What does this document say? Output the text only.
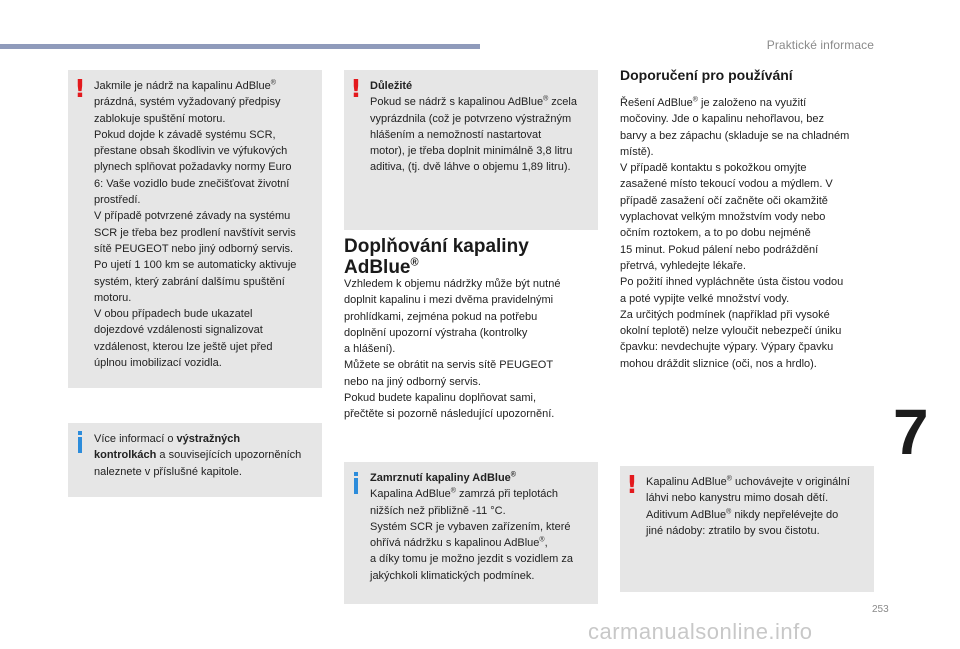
Praktické informace
! Jakmile je nádrž na kapalinu AdBlue®

prázdná, systém vyžadovaný předpisy

zablokuje spuštění motoru.

Pokud dojde k závadě systému SCR,

přestane obsah škodlivin ve výfukových

plynech splňovat požadavky normy Euro

6: Vaše vozidlo bude znečišťovat životní

prostředí.

V případě potvrzené závady na systému

SCR je třeba bez prodlení navštívit servis

sítě PEUGEOT nebo jiný odborný servis.

Po ujetí 1 100 km se automaticky aktivuje

systém, který zabrání dalšímu spuštění

motoru.

V obou případech bude ukazatel

dojezdové vzdálenosti signalizovat

vzdálenost, kterou lze ještě ujet před

úplnou imobilizací vozidla.

Více informací o výstražných

kontrolkách a souvisejících upozorněních

naleznete v příslušné kapitole.

! Důležité

Pokud se nádrž s kapalinou AdBlue® zcela

vyprázdnila (což je potvrzeno výstražným

hlášením a nemožností nastartovat

motor), je třeba doplnit minimálně 3,8 litru

aditiva, (tj. dvě láhve o objemu 1,89 litru).

Doplňování kapaliny
AdBlue®

Vzhledem k objemu nádržky může být nutné

doplnit kapalinu i mezi dvěma pravidelnými

prohlídkami, zejména pokud na potřebu

doplnění upozorní výstraha (kontrolky

a hlášení).

Můžete se obrátit na servis sítě PEUGEOT

nebo na jiný odborný servis.

Pokud budete kapalinu doplňovat sami,

přečtěte si pozorně následující upozornění.

Zamrznutí kapaliny AdBlue®

Kapalina AdBlue® zamrzá při teplotách

nižších než přibližně -11 °C.

Systém SCR je vybaven zařízením, které

ohřívá nádržku s kapalinou AdBlue®,

a díky tomu je možno jezdit s vozidlem za

jakýchkoli klimatických podmínek.

Doporučení pro používání

Řešení AdBlue® je založeno na využití

močoviny. Jde o kapalinu nehořlavou, bez

barvy a bez zápachu (skladuje se na chladném

místě).

V případě kontaktu s pokožkou omyjte

zasažené místo tekoucí vodou a mýdlem. V

případě zasažení očí začněte oči okamžitě

vyplachovat velkým množstvím vody nebo

očním roztokem, a to po dobu nejméně

15 minut. Pokud pálení nebo podráždění

přetrvá, vyhledejte lékaře.

Po požití ihned vypláchněte ústa čistou vodou

a poté vypijte velké množství vody.

Za určitých podmínek (například při vysoké

okolní teplotě) nelze vyloučit nebezpečí úniku

čpavku: nevdechujte výpary. Výpary čpavku

mohou dráždit sliznice (oči, nos a hrdlo).

! Kapalinu AdBlue® uchovávejte v originální

láhvi nebo kanystru mimo dosah dětí.

Aditivum AdBlue® nikdy nepřelévejte do

jiné nádoby: ztratilo by svou čistotu.

7
253
carmanualsonline.info
